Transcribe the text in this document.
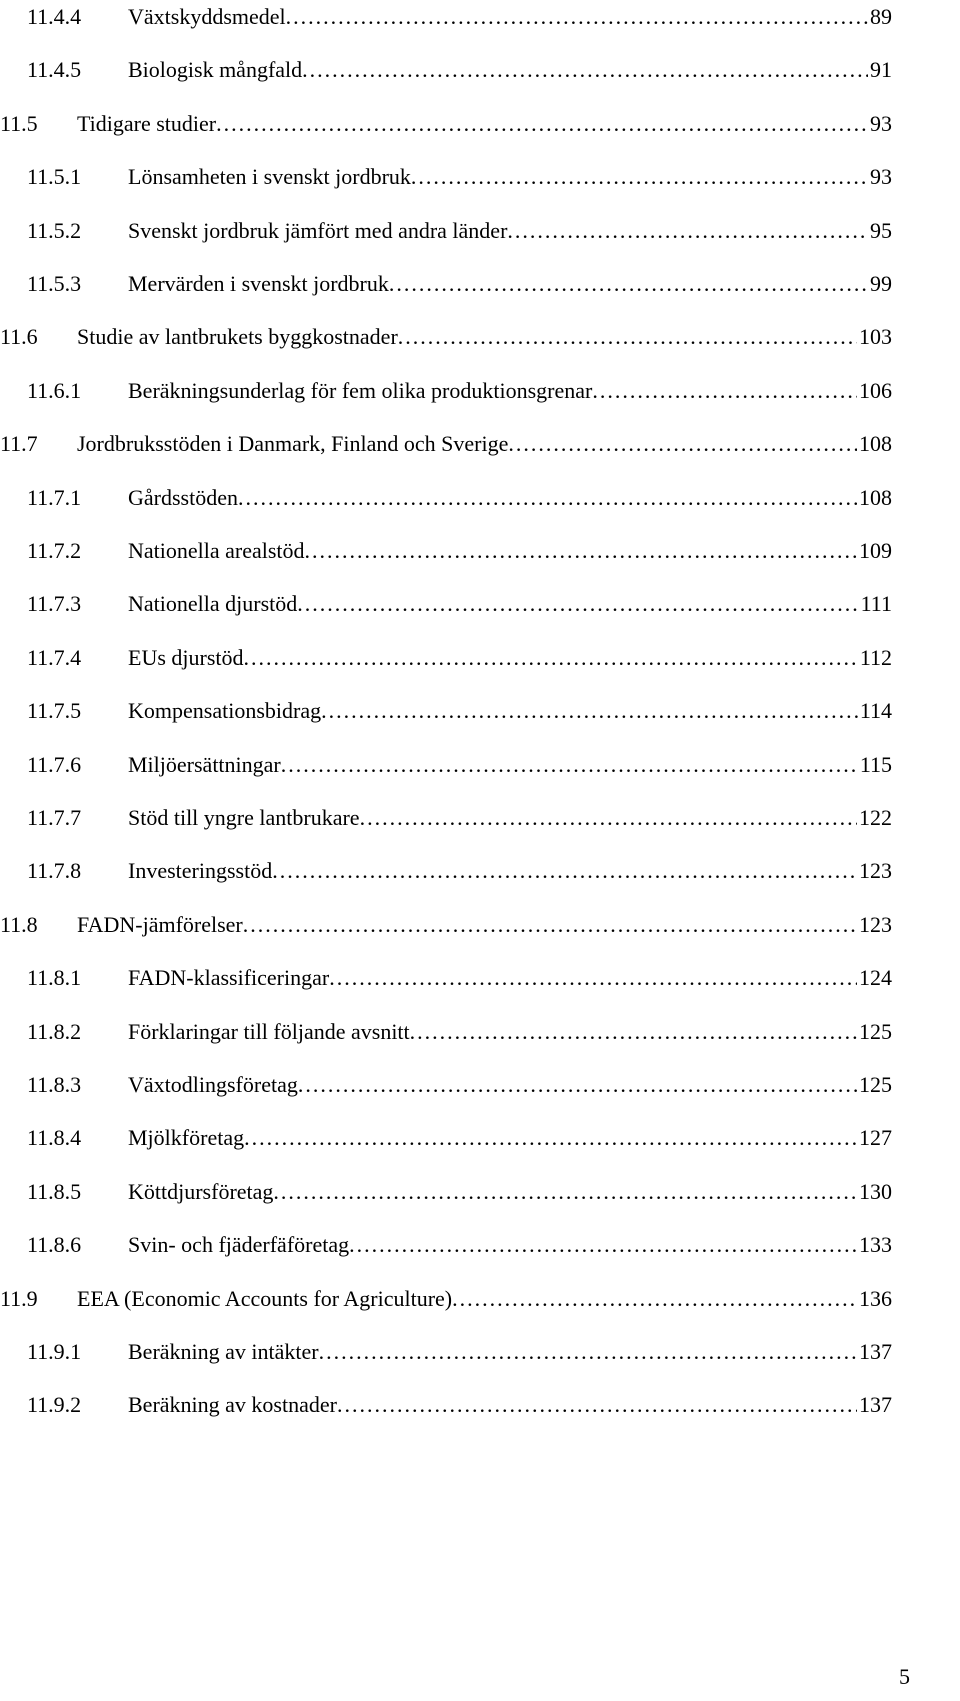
11.4.4 Växtskyddsmedel .....	89
11.4.5 Biologisk mångfald .....	91
11.5 Tidigare studier .....	93
11.5.1 Lönsamheten i svenskt jordbruk .....	93
11.5.2 Svenskt jordbruk jämfört med andra länder .....	95
11.5.3 Mervärden i svenskt jordbruk .....	99
11.6 Studie av lantbrukets byggkostnader .....	103
11.6.1 Beräkningsunderlag för fem olika produktionsgrenar .....	106
11.7 Jordbruksstöden i Danmark, Finland och Sverige .....	108
11.7.1 Gårdsstöden .....	108
11.7.2 Nationella arealstöd .....	109
11.7.3 Nationella djurstöd .....	111
11.7.4 EUs djurstöd .....	112
11.7.5 Kompensationsbidrag .....	114
11.7.6 Miljöersättningar .....	115
11.7.7 Stöd till yngre lantbrukare .....	122
11.7.8 Investeringsstöd .....	123
11.8 FADN-jämförelser .....	123
11.8.1 FADN-klassificeringar .....	124
11.8.2 Förklaringar till följande avsnitt .....	125
11.8.3 Växtodlingsföretag .....	125
11.8.4 Mjölkföretag .....	127
11.8.5 Köttdjursföretag .....	130
11.8.6 Svin- och fjäderfäföretag .....	133
11.9 EEA (Economic Accounts for Agriculture) .....	136
11.9.1 Beräkning av intäkter .....	137
11.9.2 Beräkning av kostnader .....	137
5
